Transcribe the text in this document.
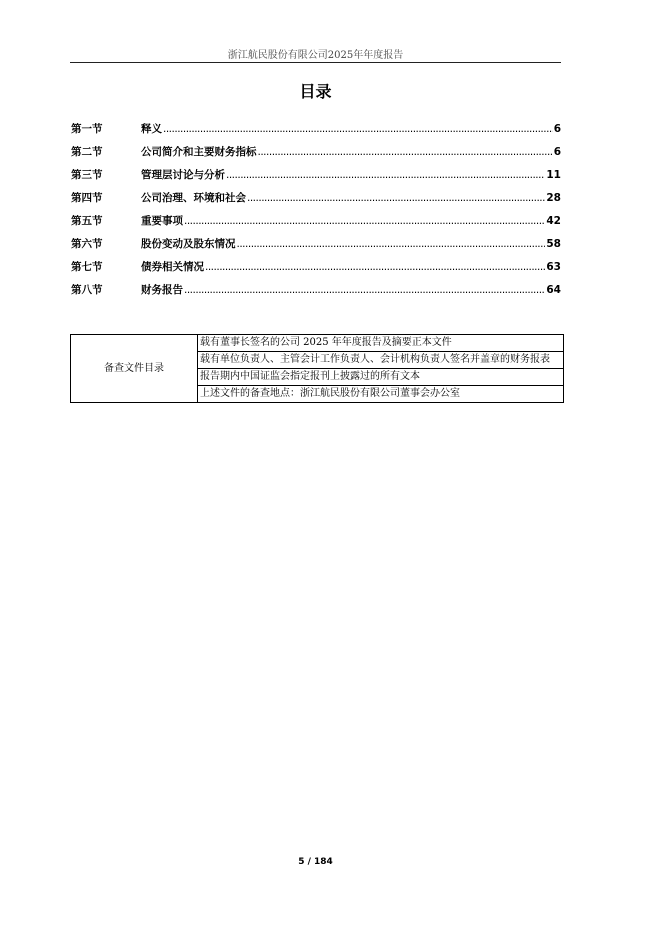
浙江航民股份有限公司2025年年度报告
目录
第一节	释义 .....	6
第二节	公司简介和主要财务指标 .....	6
第三节	管理层讨论与分析 .....	11
第四节	公司治理、环境和社会 .....	28
第五节	重要事项 .....	42
第六节	股份变动及股东情况 .....	58
第七节	债券相关情况 .....	63
第八节	财务报告 .....	64
备查文件目录	载有董事长签名的公司 2025 年年度报告及摘要正本文件
载有单位负责人、主管会计工作负责人、会计机构负责人签名并盖章的财务报表
报告期内中国证监会指定报刊上披露过的所有文本
上述文件的备查地点：浙江航民股份有限公司董事会办公室
5 / 184
